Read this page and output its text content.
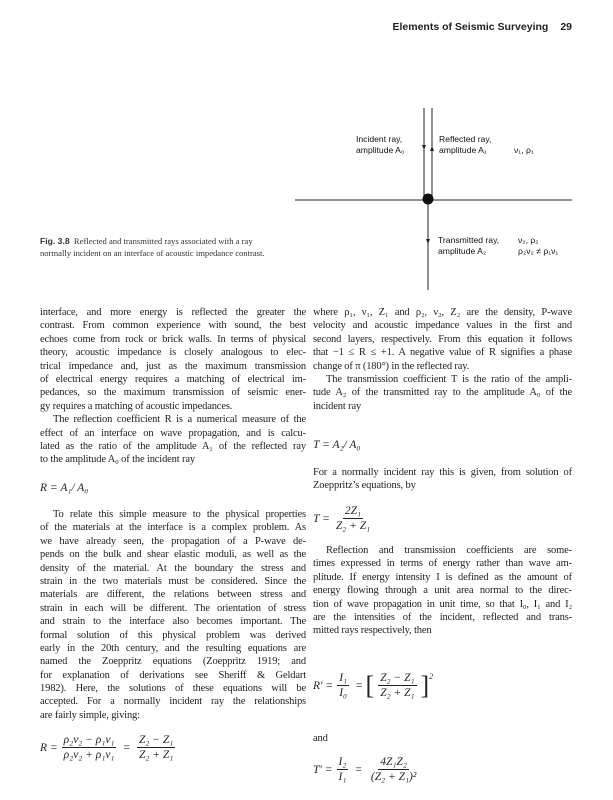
Elements of Seismic Surveying 29
Incident ray,
amplitude A₀
Reflected ray,
amplitude A₁	ν₁, ρ₁
Transmitted ray,
amplitude A₂
ν₂, ρ₂
ρ₂ν₂ ≠ ρ₁ν₁
Fig. 3.8 Reflected and transmitted rays associated with a ray normally incident on an interface of acoustic impedance contrast.
interface, and more energy is reflected the greater the
contrast. From common experience with sound, the best
echoes come from rock or brick walls. In terms of physical
theory, acoustic impedance is closely analogous to elec-
trical impedance and, just as the maximum transmission
of electrical energy requires a matching of electrical im-
pedances, so the maximum transmission of seismic ener-
gy requires a matching of acoustic impedances.
The reflection coefficient R is a numerical measure of the
effect of an interface on wave propagation, and is calcu-
lated as the ratio of the amplitude A₁ of the reflected ray
to the amplitude A₀ of the incident ray
R = A₁/ A₀
To relate this simple measure to the physical properties
of the materials at the interface is a complex problem. As
we have already seen, the propagation of a P-wave de-
pends on the bulk and shear elastic moduli, as well as the
density of the material. At the boundary the stress and
strain in the two materials must be considered. Since the
materials are different, the relations between stress and
strain in each will be different. The orientation of stress
and strain to the interface also becomes important. The
formal solution of this physical problem was derived
early in the 20th century, and the resulting equations are
named the Zoeppritz equations (Zoeppritz 1919; and
for explanation of derivations see Sheriff & Geldart
1982). Here, the solutions of these equations will be
accepted. For a normally incident ray the relationships
are fairly simple, giving:
$R = \frac{\text{ρ₂ν₂ − ρ₁ν₁}}{\text{ρ₂ν₂ + ρ₁ν₁}} = \frac{\text{Z₂ − Z₁}}{\text{Z₂ + Z₁}}$
where ρ₁, ν₁, Z₁ and ρ₂, ν₂, Z₂ are the density, P-wave
velocity and acoustic impedance values in the first and
second layers, respectively. From this equation it follows
that −1 ≤ R ≤ +1. A negative value of R signifies a phase
change of π (180°) in the reflected ray.
The transmission coefficient T is the ratio of the ampli-
tude A₂ of the transmitted ray to the amplitude A₀ of the
incident ray
T = A₂/ A₀
For a normally incident ray this is given, from solution of
Zoeppritz’s equations, by
$T = \frac{\text{2Z₁}}{\text{Z₂ + Z₁}}$
Reflection and transmission coefficients are some-
times expressed in terms of energy rather than wave am-
plitude. If energy intensity I is defined as the amount of
energy flowing through a unit area normal to the direc-
tion of wave propagation in unit time, so that I₀, I₁ and I₂
are the intensities of the incident, reflected and trans-
mitted rays respectively, then
$R' = \frac{\text{I₁}}{\text{I₀}}$ = [ $\frac{\text{Z₂ − Z₁}}{\text{Z₂ + Z₁}} ]^2$
and
$T' = \frac{\text{I₂}}{\text{I₁}} = \frac{\text{4Z₁Z₂}}{\text{(Z₂ + Z₁)²}}$
